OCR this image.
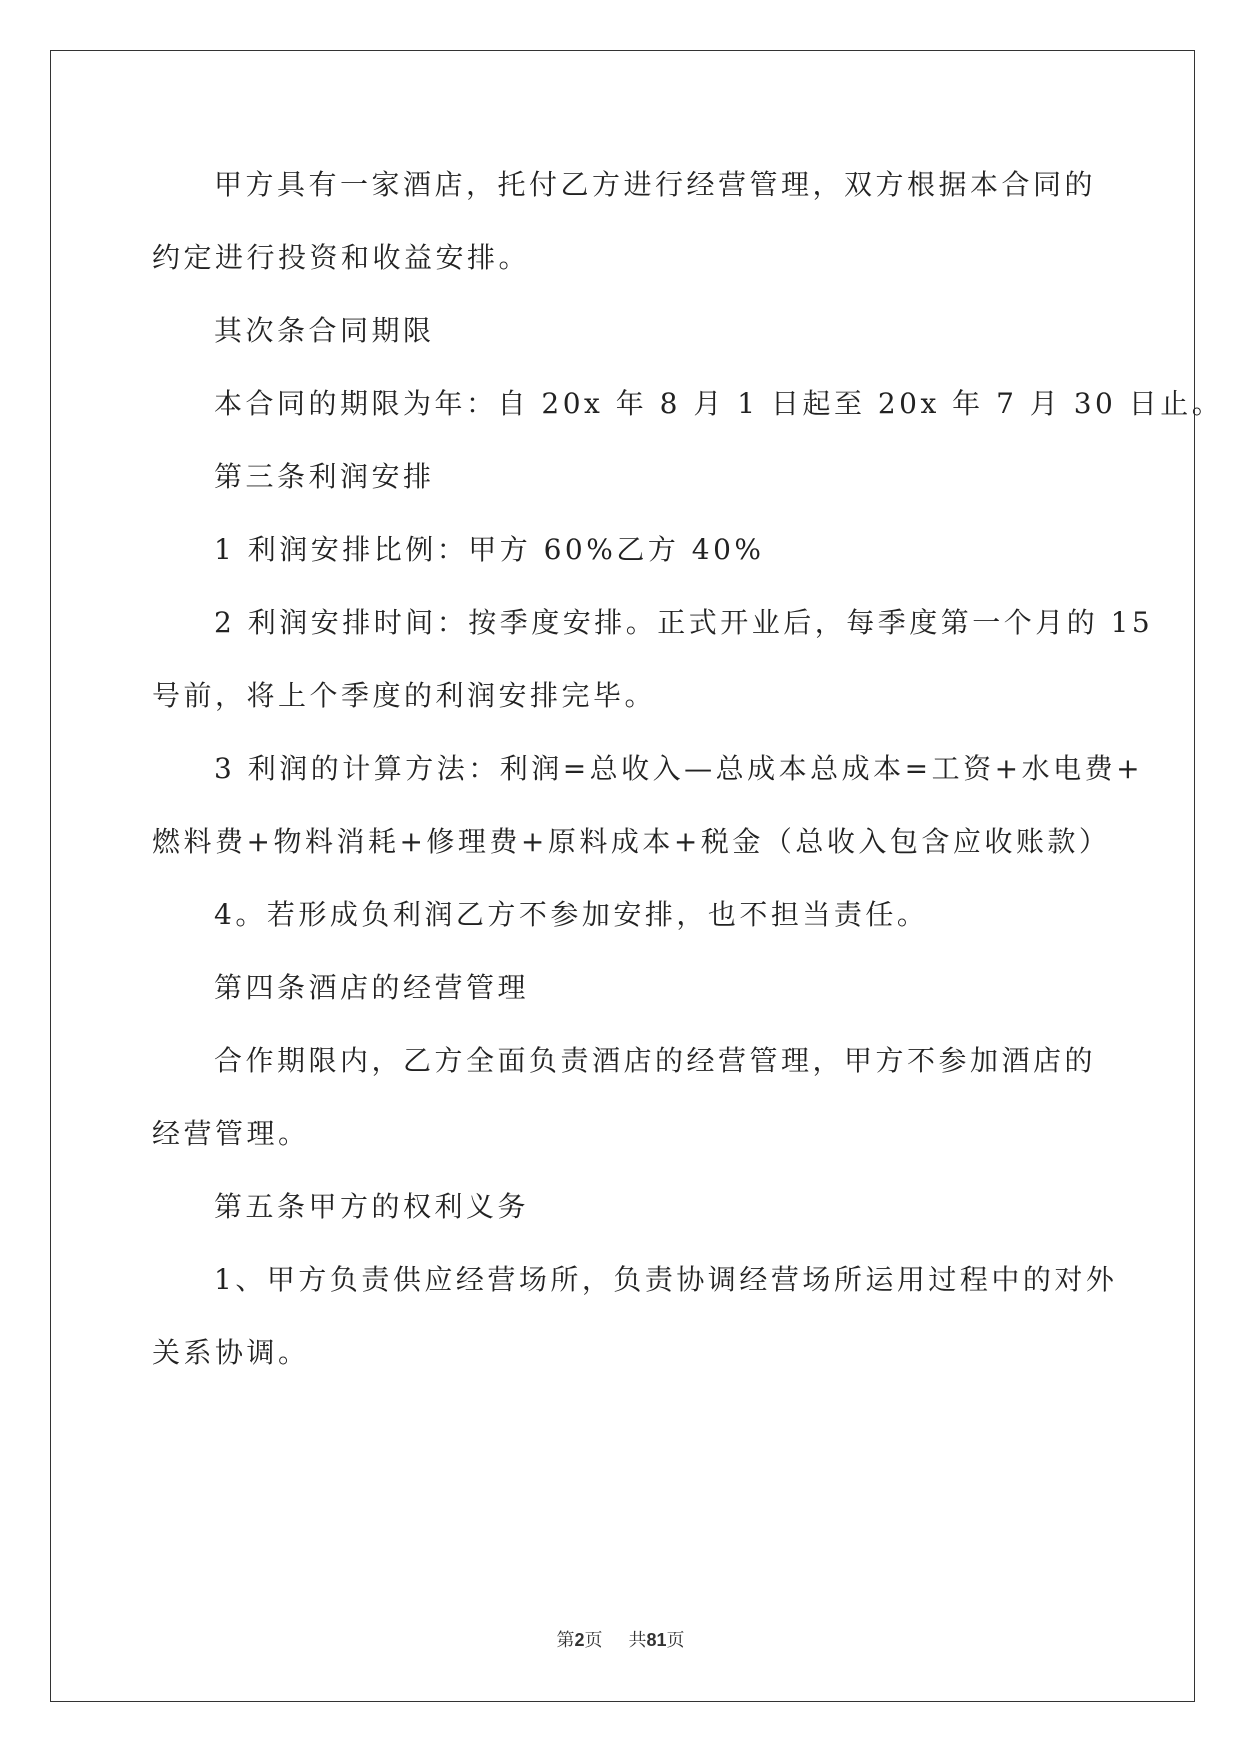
甲方具有一家酒店，托付乙方进行经营管理，双方根据本合同的
约定进行投资和收益安排。
其次条合同期限
本合同的期限为年：自 20x 年 8 月 1 日起至 20x 年 7 月 30 日止。
第三条利润安排
1 利润安排比例：甲方 60%乙方 40%
2 利润安排时间：按季度安排。正式开业后，每季度第一个月的 15
号前，将上个季度的利润安排完毕。
3 利润的计算方法：利润=总收入—总成本总成本=工资+水电费+
燃料费+物料消耗+修理费+原料成本+税金（总收入包含应收账款）
4。若形成负利润乙方不参加安排，也不担当责任。
第四条酒店的经营管理
合作期限内，乙方全面负责酒店的经营管理，甲方不参加酒店的
经营管理。
第五条甲方的权利义务
1、甲方负责供应经营场所，负责协调经营场所运用过程中的对外
关系协调。
第2页 共81页
